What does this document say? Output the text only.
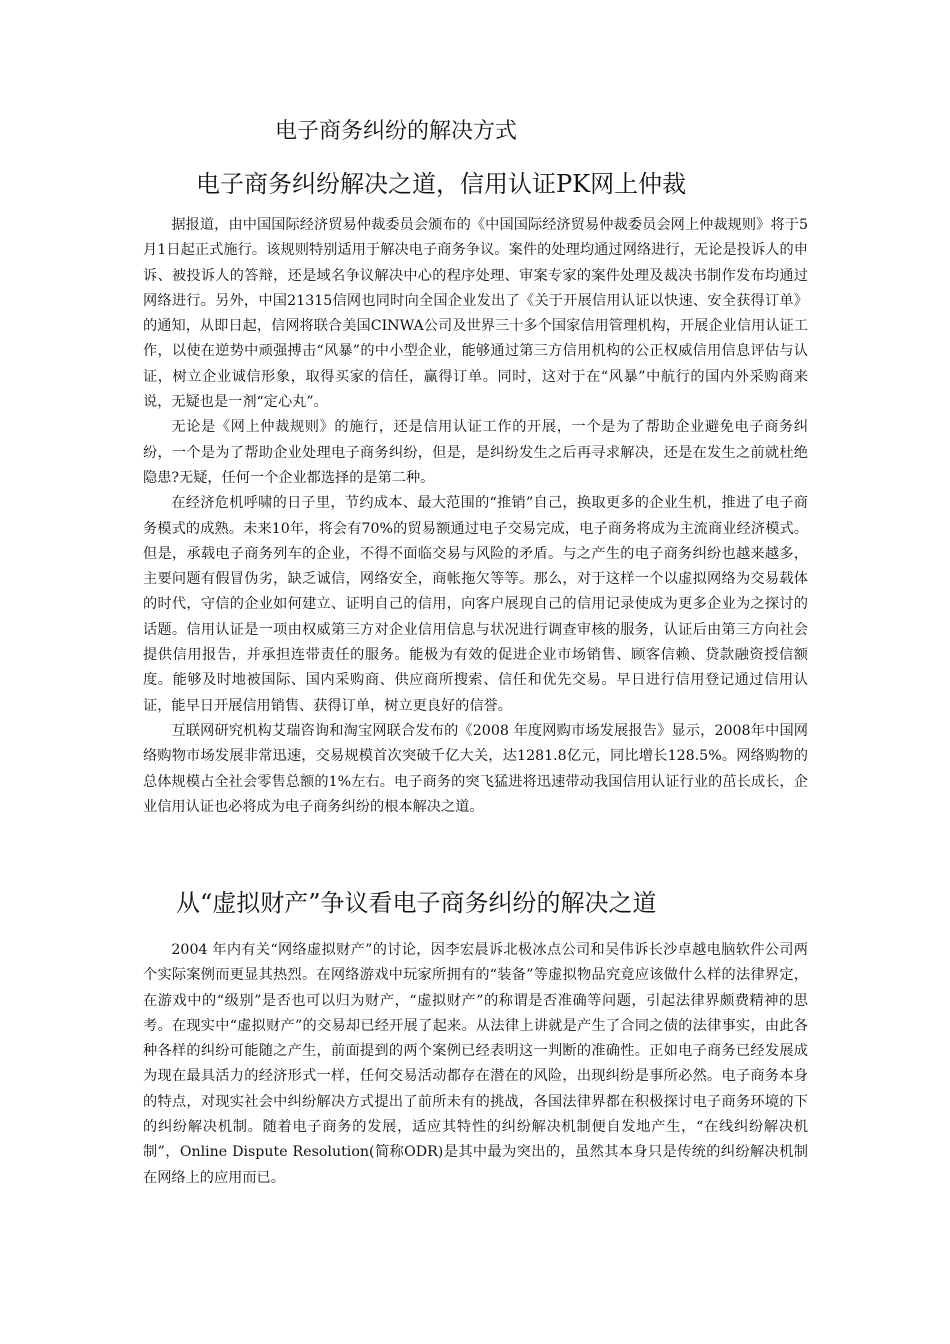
电子商务纠纷的解决方式
电子商务纠纷解决之道，信用认证PK网上仲裁

据报道，由中国国际经济贸易仲裁委员会颁布的《中国国际经济贸易仲裁委员会网上仲裁规则》将于5月1日起正式施行。该规则特别适用于解决电子商务争议。案件的处理均通过网络进行，无论是投诉人的申诉、被投诉人的答辩，还是域名争议解决中心的程序处理、审案专家的案件处理及裁决书制作发布均通过网络进行。另外，中国21315信网也同时向全国企业发出了《关于开展信用认证以快速、安全获得订单》的通知，从即日起，信网将联合美国CINWA公司及世界三十多个国家信用管理机构，开展企业信用认证工作，以使在逆势中顽强搏击“风暴”的中小型企业，能够通过第三方信用机构的公正权威信用信息评估与认证，树立企业诚信形象，取得买家的信任，赢得订单。同时，这对于在“风暴”中航行的国内外采购商来说，无疑也是一剂“定心丸”。

无论是《网上仲裁规则》的施行，还是信用认证工作的开展，一个是为了帮助企业避免电子商务纠纷，一个是为了帮助企业处理电子商务纠纷，但是，是纠纷发生之后再寻求解决，还是在发生之前就杜绝隐患?无疑，任何一个企业都选择的是第二种。

在经济危机呼啸的日子里，节约成本、最大范围的“推销”自己，换取更多的企业生机，推进了电子商务模式的成熟。未来10年，将会有70%的贸易额通过电子交易完成，电子商务将成为主流商业经济模式。但是，承载电子商务列车的企业，不得不面临交易与风险的矛盾。与之产生的电子商务纠纷也越来越多，主要问题有假冒伪劣，缺乏诚信，网络安全，商帐拖欠等等。那么，对于这样一个以虚拟网络为交易载体的时代，守信的企业如何建立、证明自己的信用，向客户展现自己的信用记录使成为更多企业为之探讨的话题。信用认证是一项由权威第三方对企业信用信息与状况进行调查审核的服务，认证后由第三方向社会提供信用报告，并承担连带责任的服务。能极为有效的促进企业市场销售、顾客信赖、贷款融资授信额度。能够及时地被国际、国内采购商、供应商所搜索、信任和优先交易。早日进行信用登记通过信用认证，能早日开展信用销售、获得订单，树立更良好的信誉。

互联网研究机构艾瑞咨询和淘宝网联合发布的《2008 年度网购市场发展报告》显示，2008年中国网络购物市场发展非常迅速，交易规模首次突破千亿大关，达1281.8亿元，同比增长128.5%。网络购物的总体规模占全社会零售总额的1%左右。电子商务的突飞猛进将迅速带动我国信用认证行业的茁长成长，企业信用认证也必将成为电子商务纠纷的根本解决之道。

从“虚拟财产”争议看电子商务纠纷的解决之道

2004 年内有关“网络虚拟财产”的讨论，因李宏晨诉北极冰点公司和吴伟诉长沙卓越电脑软件公司两个实际案例而更显其热烈。在网络游戏中玩家所拥有的“装备”等虚拟物品究竟应该做什么样的法律界定，在游戏中的“级别”是否也可以归为财产，“虚拟财产”的称谓是否准确等问题，引起法律界颇费精神的思考。在现实中“虚拟财产”的交易却已经开展了起来。从法律上讲就是产生了合同之债的法律事实，由此各种各样的纠纷可能随之产生，前面提到的两个案例已经表明这一判断的准确性。正如电子商务已经发展成为现在最具活力的经济形式一样，任何交易活动都存在潜在的风险，出现纠纷是事所必然。电子商务本身的特点，对现实社会中纠纷解决方式提出了前所未有的挑战，各国法律界都在积极探讨电子商务环境的下的纠纷解决机制。随着电子商务的发展，适应其特性的纠纷解决机制便自发地产生，“在线纠纷解决机制”，Online Dispute Resolution(简称ODR)是其中最为突出的，虽然其本身只是传统的纠纷解决机制在网络上的应用而已。
